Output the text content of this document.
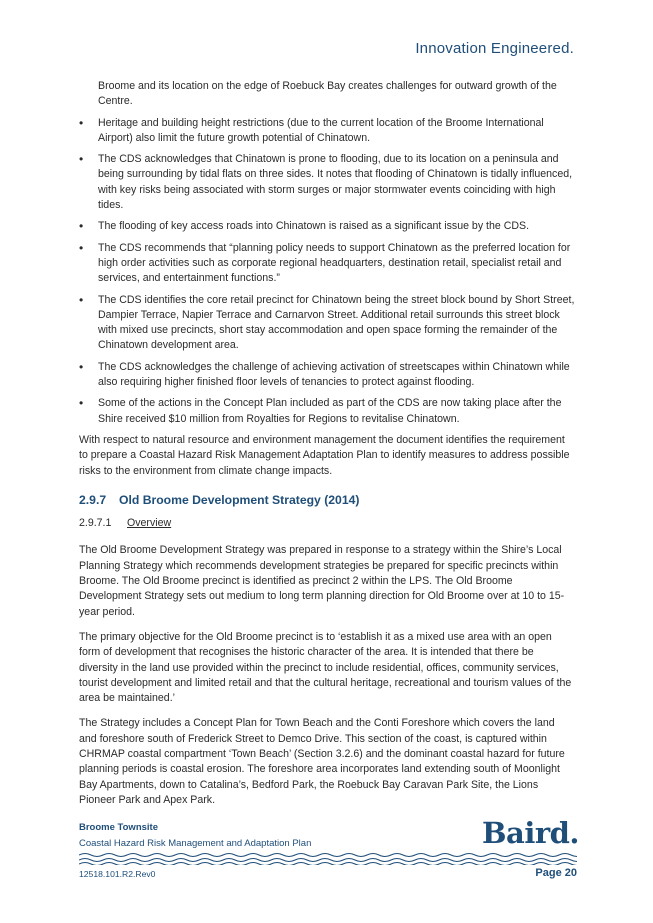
Innovation Engineered.

Broome and its location on the edge of Roebuck Bay creates challenges for outward growth of the Centre.

• Heritage and building height restrictions (due to the current location of the Broome International Airport) also limit the future growth potential of Chinatown.
• The CDS acknowledges that Chinatown is prone to flooding, due to its location on a peninsula and being surrounding by tidal flats on three sides. It notes that flooding of Chinatown is tidally influenced, with key risks being associated with storm surges or major stormwater events coinciding with high tides.
• The flooding of key access roads into Chinatown is raised as a significant issue by the CDS.
• The CDS recommends that “planning policy needs to support Chinatown as the preferred location for high order activities such as corporate regional headquarters, destination retail, specialist retail and services, and entertainment functions.”
• The CDS identifies the core retail precinct for Chinatown being the street block bound by Short Street, Dampier Terrace, Napier Terrace and Carnarvon Street. Additional retail surrounds this street block with mixed use precincts, short stay accommodation and open space forming the remainder of the Chinatown development area.
• The CDS acknowledges the challenge of achieving activation of streetscapes within Chinatown while also requiring higher finished floor levels of tenancies to protect against flooding.
• Some of the actions in the Concept Plan included as part of the CDS are now taking place after the Shire received $10 million from Royalties for Regions to revitalise Chinatown.

With respect to natural resource and environment management the document identifies the requirement to prepare a Coastal Hazard Risk Management Adaptation Plan to identify measures to address possible risks to the environment from climate change impacts.

2.9.7 Old Broome Development Strategy (2014)
2.9.7.1 Overview

The Old Broome Development Strategy was prepared in response to a strategy within the Shire’s Local Planning Strategy which recommends development strategies be prepared for specific precincts within Broome. The Old Broome precinct is identified as precinct 2 within the LPS. The Old Broome Development Strategy sets out medium to long term planning direction for Old Broome over at 10 to 15-year period.

The primary objective for the Old Broome precinct is to ‘establish it as a mixed use area with an open form of development that recognises the historic character of the area. It is intended that there be diversity in the land use provided within the precinct to include residential, offices, community services, tourist development and limited retail and that the cultural heritage, recreational and tourism values of the area be maintained.’

The Strategy includes a Concept Plan for Town Beach and the Conti Foreshore which covers the land and foreshore south of Frederick Street to Demco Drive. This section of the coast, is captured within CHRMAP coastal compartment ‘Town Beach’ (Section 3.2.6) and the dominant coastal hazard for future planning periods is coastal erosion. The foreshore area incorporates land extending south of Moonlight Bay Apartments, down to Catalina’s, Bedford Park, the Roebuck Bay Caravan Park Site, the Lions Pioneer Park and Apex Park.

Broome Townsite
Coastal Hazard Risk Management and Adaptation Plan	Baird.
12518.101.R2.Rev0	Page 20
